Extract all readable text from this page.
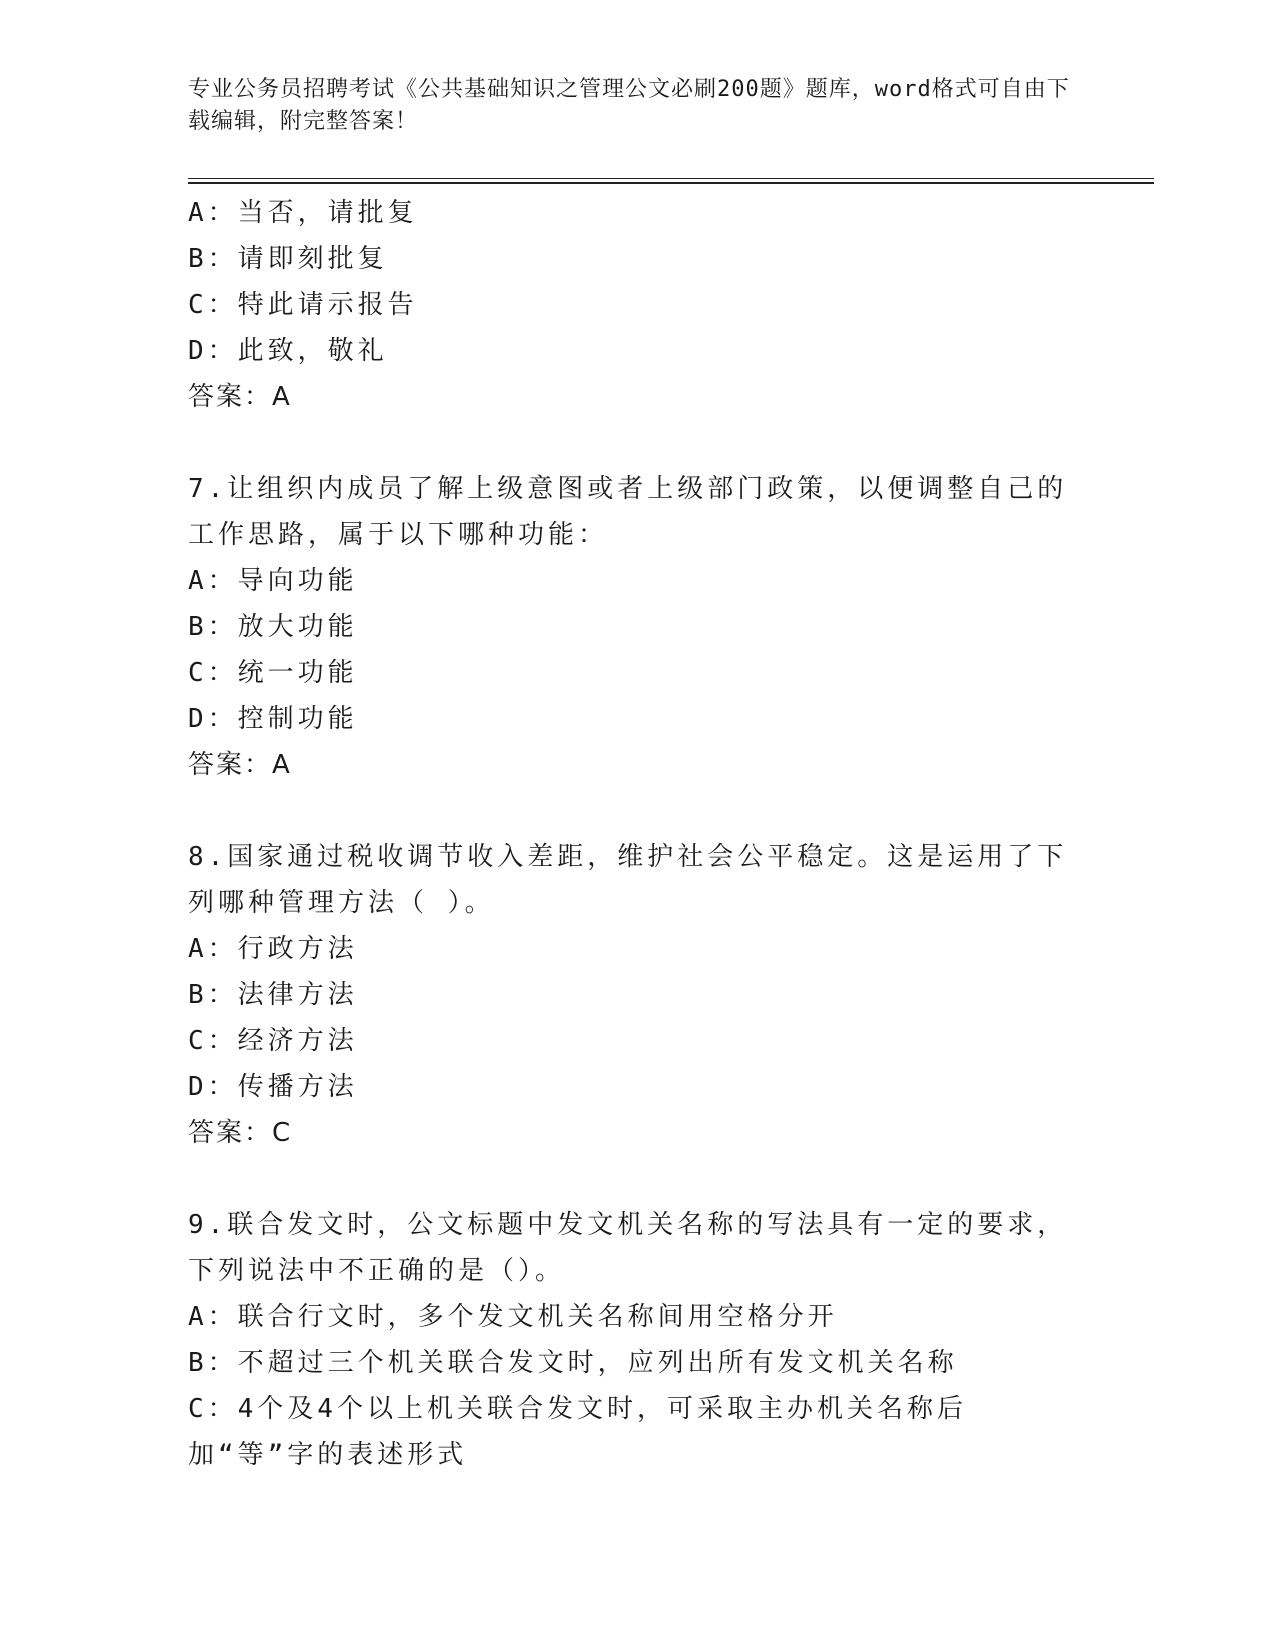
专业公务员招聘考试《公共基础知识之管理公文必刷200题》题库，word格式可自由下载编辑，附完整答案！

A：当否，请批复

B：请即刻批复

C：特此请示报告

D：此致，敬礼

答案：A

7.让组织内成员了解上级意图或者上级部门政策，以便调整自己的工作思路，属于以下哪种功能：

A：导向功能

B：放大功能

C：统一功能

D：控制功能

答案：A

8.国家通过税收调节收入差距，维护社会公平稳定。这是运用了下列哪种管理方法（ ）。

A：行政方法

B：法律方法

C：经济方法

D：传播方法

答案：C

9.联合发文时，公文标题中发文机关名称的写法具有一定的要求，下列说法中不正确的是（）。

A：联合行文时，多个发文机关名称间用空格分开

B：不超过三个机关联合发文时，应列出所有发文机关名称

C：4个及4个以上机关联合发文时，可采取主办机关名称后加“等”字的表述形式
